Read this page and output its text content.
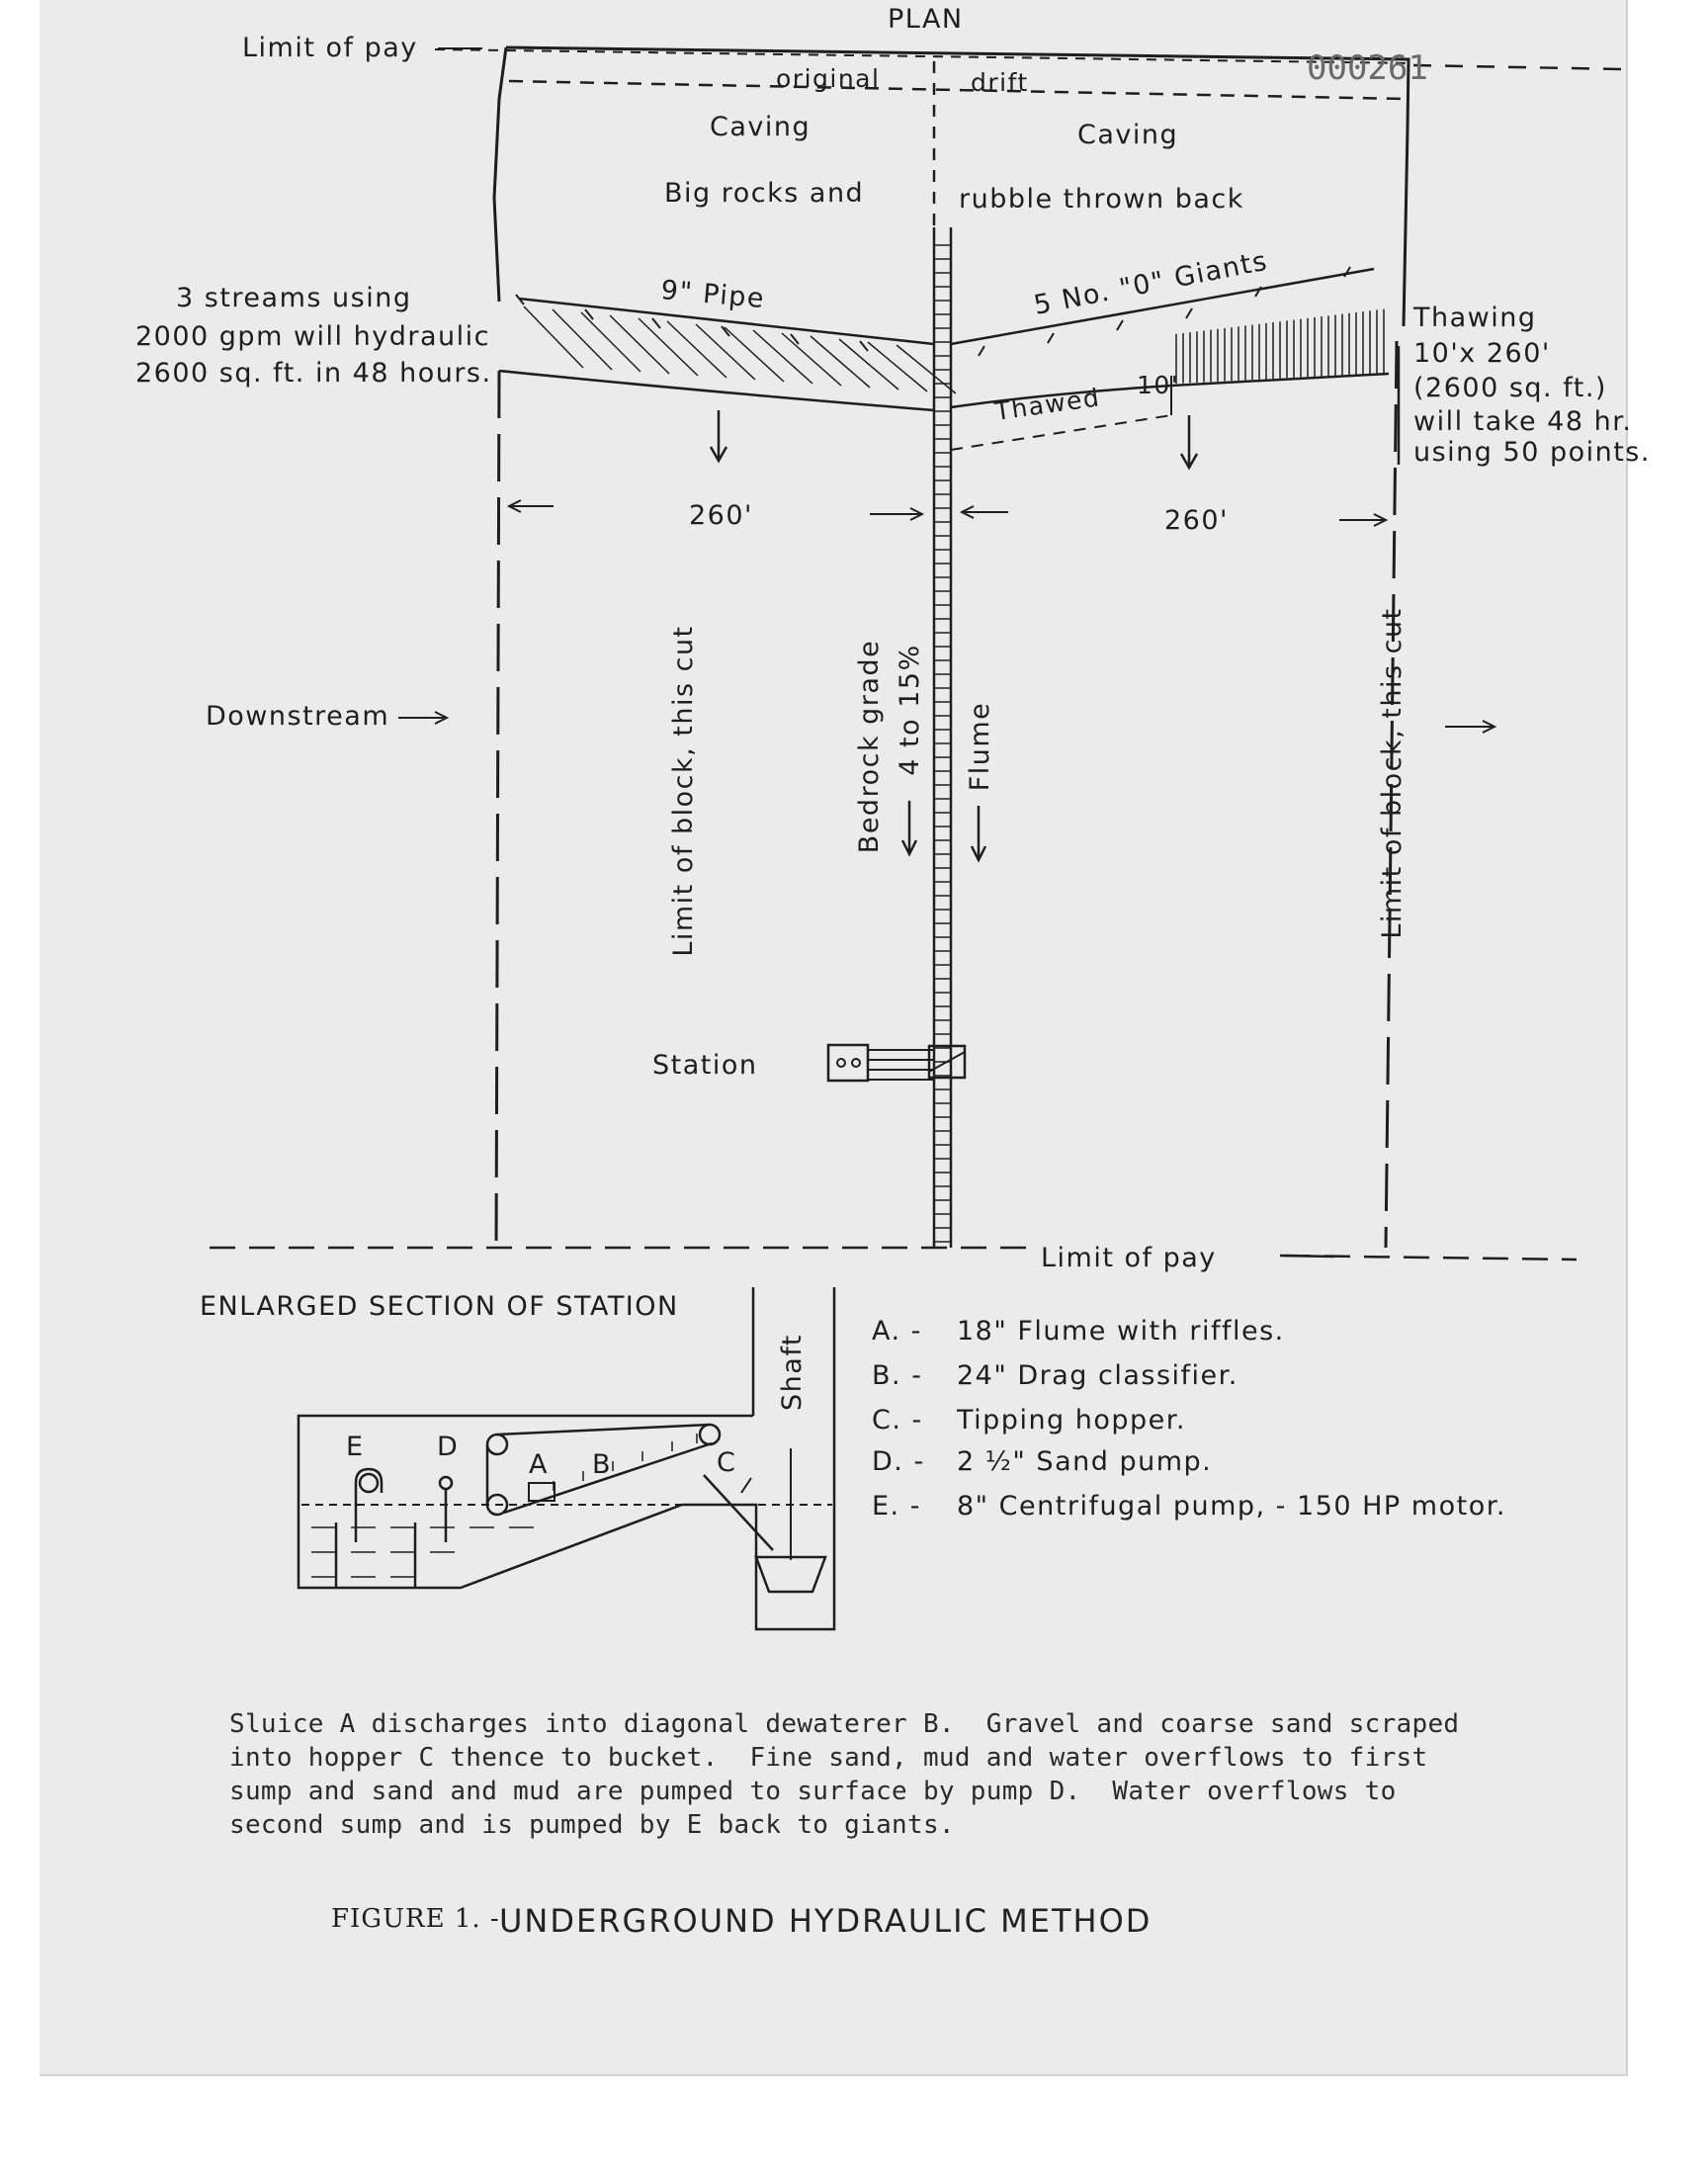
PLAN
Limit of pay
000261
original	drift
Caving	Caving
Big rocks and	rubble thrown back
9" Pipe	5 No. "0" Giants
3 streams using
2000 gpm will hydraulic
2600 sq. ft. in 48 hours.
Thawing
10'x 260'
(2600 sq. ft.)
will take 48 hr.
using 50 points.
Thawed 10'
260'	260'
Downstream	Limit of block, this cut	Limit of block, this cut
Bedrock grade 4 to 15% Flume
Station
Limit of pay
ENLARGED SECTION OF STATION
E	D
A B	C
Shaft
A. - 18" Flume with riffles.
B. - 24" Drag classifier.
C. - Tipping hopper.
D. - 2 ½" Sand pump.
E. - 8" Centrifugal pump, - 150 HP motor.
Sluice A discharges into diagonal dewaterer B.  Gravel and coarse sand scraped
into hopper C thence to bucket.  Fine sand, mud and water overflows to first
sump and sand and mud are pumped to surface by pump D.  Water overflows to
second sump and is pumped by E back to giants.
FIGURE 1. - UNDERGROUND HYDRAULIC METHOD
